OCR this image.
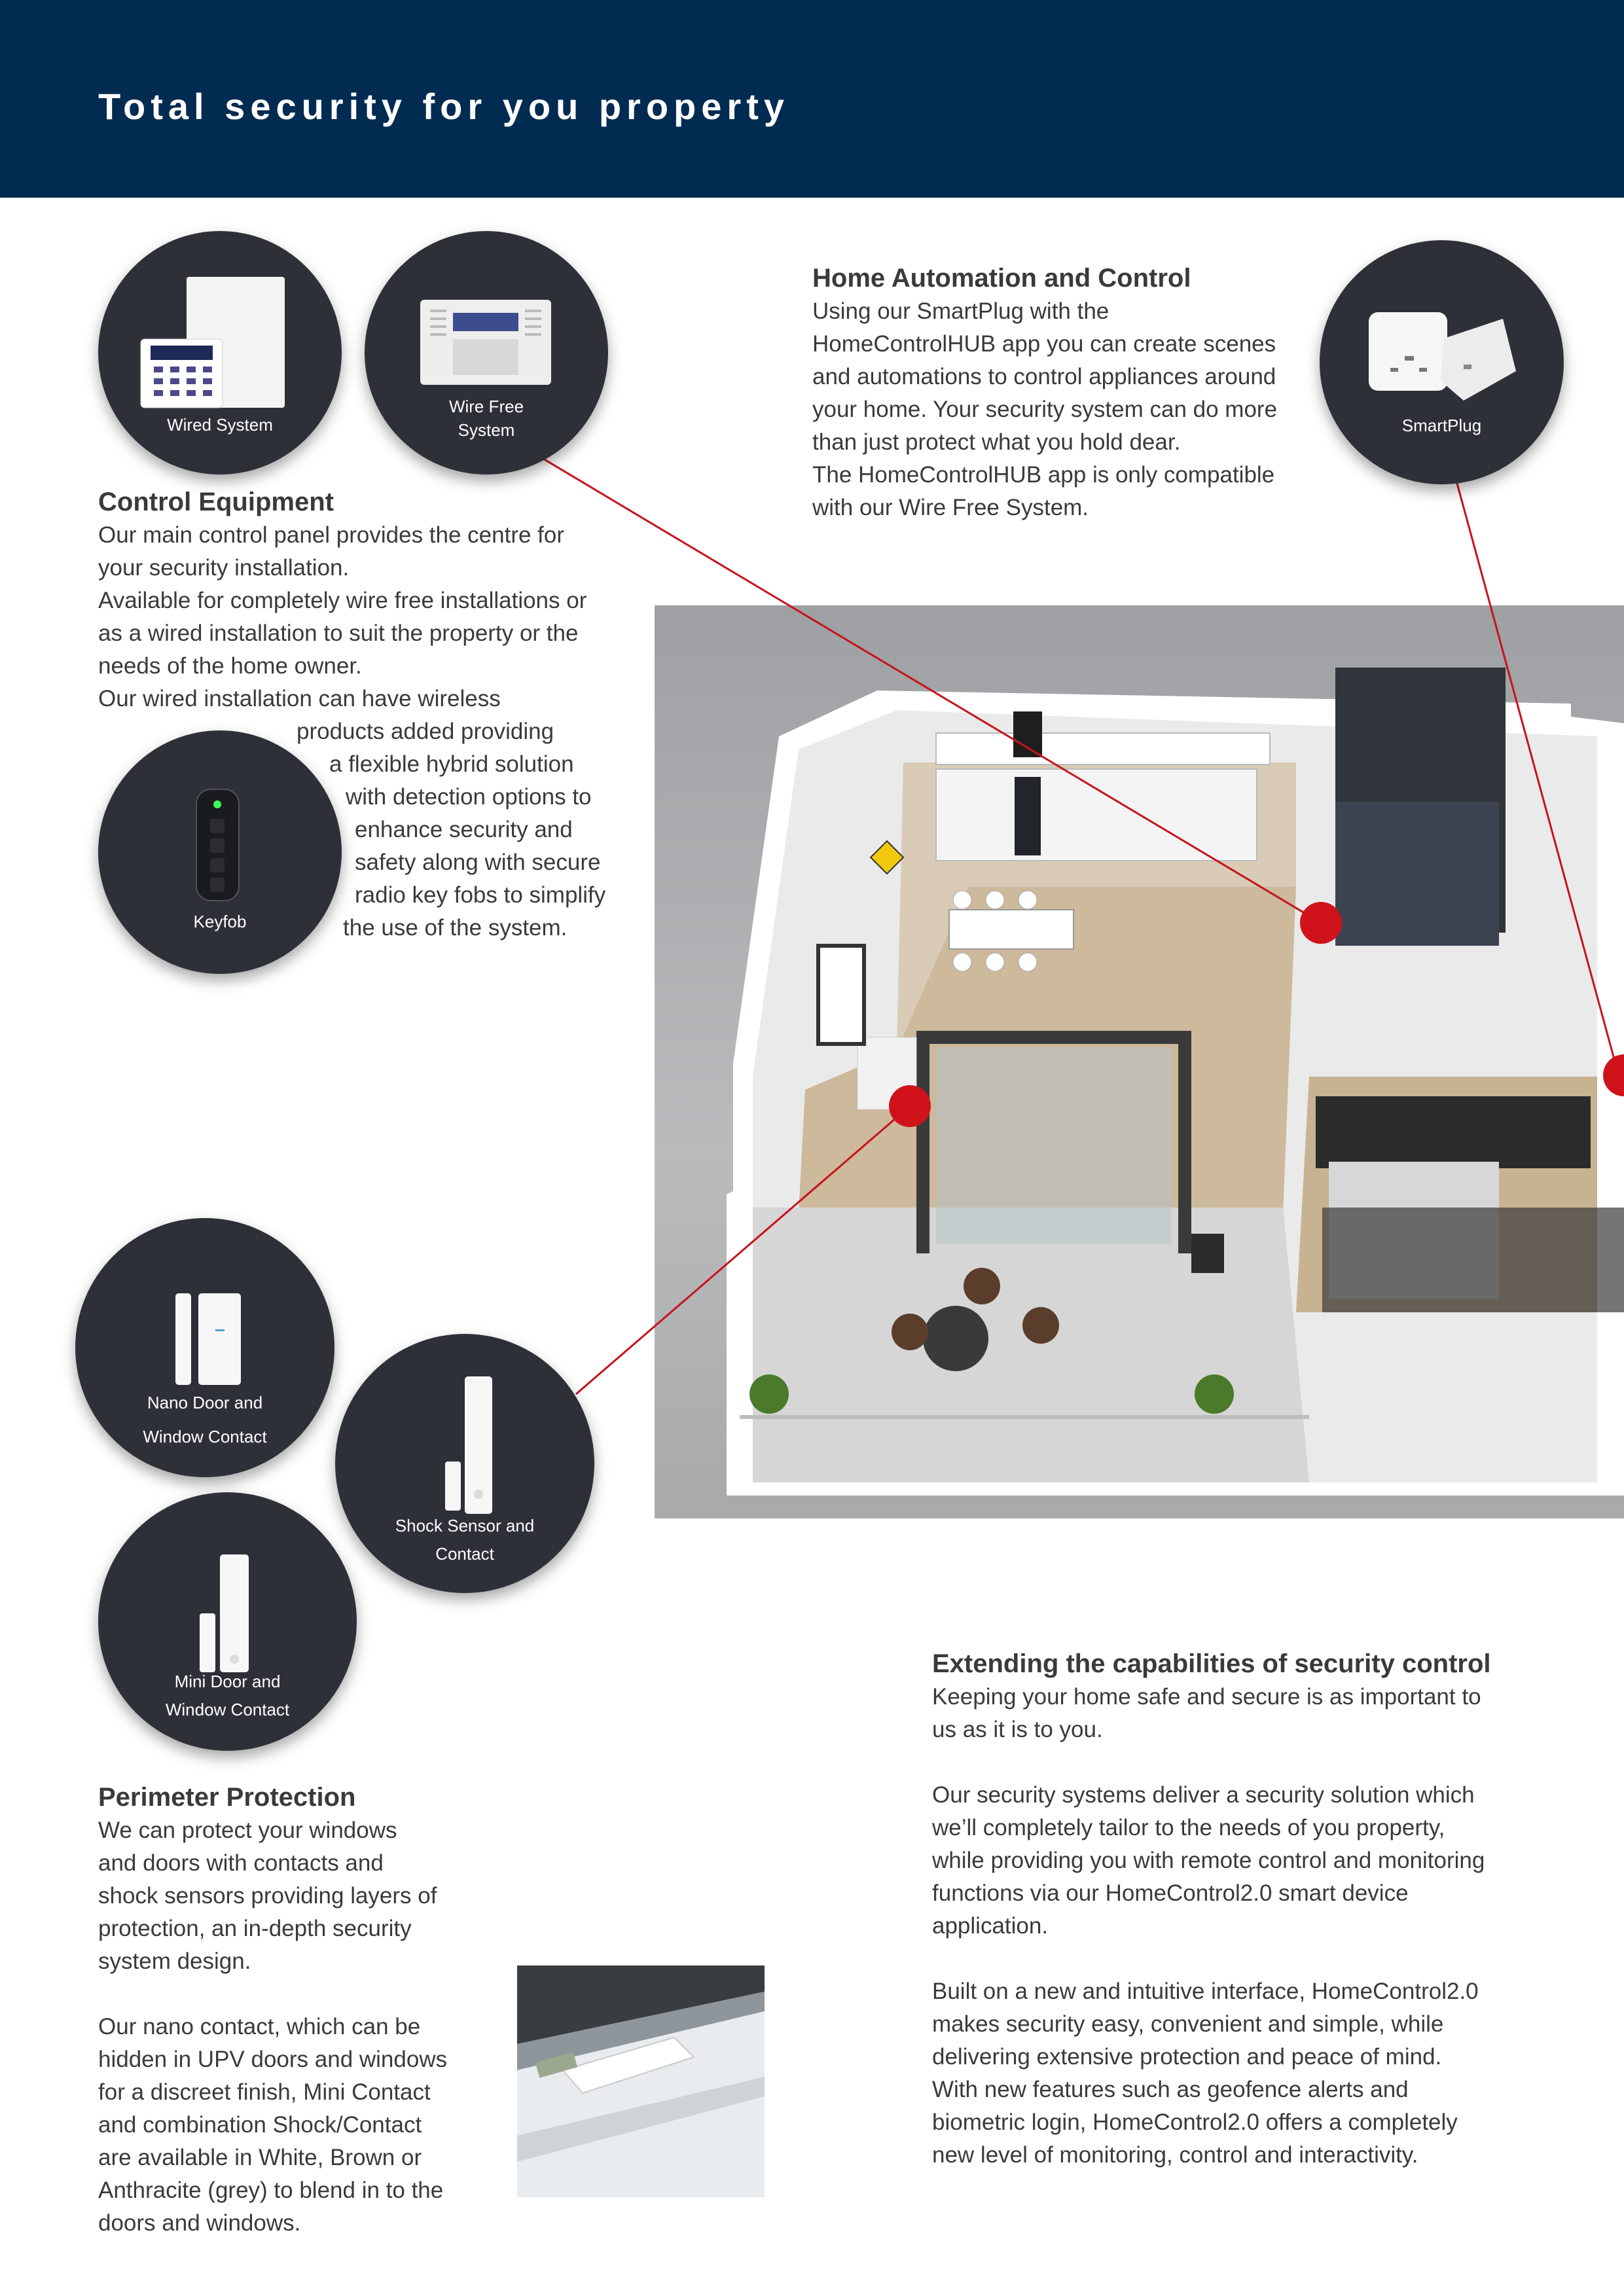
Total security for you property
Wired System
Wire Free
System	SmartPlug
Keyfob
Nano Door and
Window Contact
Shock Sensor and
Contact
Mini Door and
Window Contact
Control Equipment

Our main control panel provides the centre for

your security installation.

Available for completely wire free installations or

as a wired installation to suit the property or the

needs of the home owner.

Our wired installation can have wireless

products added providing

a flexible hybrid solution

with detection options to

enhance security and

safety along with secure

radio key fobs to simplify

the use of the system.

Home Automation and Control

Using our SmartPlug with the

HomeControlHUB app you can create scenes

and automations to control appliances around

your home. Your security system can do more

than just protect what you hold dear.

The HomeControlHUB app is only compatible

with our Wire Free System.

Perimeter Protection

We can protect your windows

and doors with contacts and

shock sensors providing layers of

protection, an in-depth security

system design.

Our nano contact, which can be

hidden in UPV doors and windows

for a discreet finish, Mini Contact

and combination Shock/Contact

are available in White, Brown or

Anthracite (grey) to blend in to the

doors and windows.

Extending the capabilities of security control

Keeping your home safe and secure is as important to

us as it is to you.

Our security systems deliver a security solution which

we’ll completely tailor to the needs of you property,

while providing you with remote control and monitoring

functions via our HomeControl2.0 smart device

application.

Built on a new and intuitive interface, HomeControl2.0

makes security easy, convenient and simple, while

delivering extensive protection and peace of mind.

With new features such as geofence alerts and

biometric login, HomeControl2.0 offers a completely

new level of monitoring, control and interactivity.
